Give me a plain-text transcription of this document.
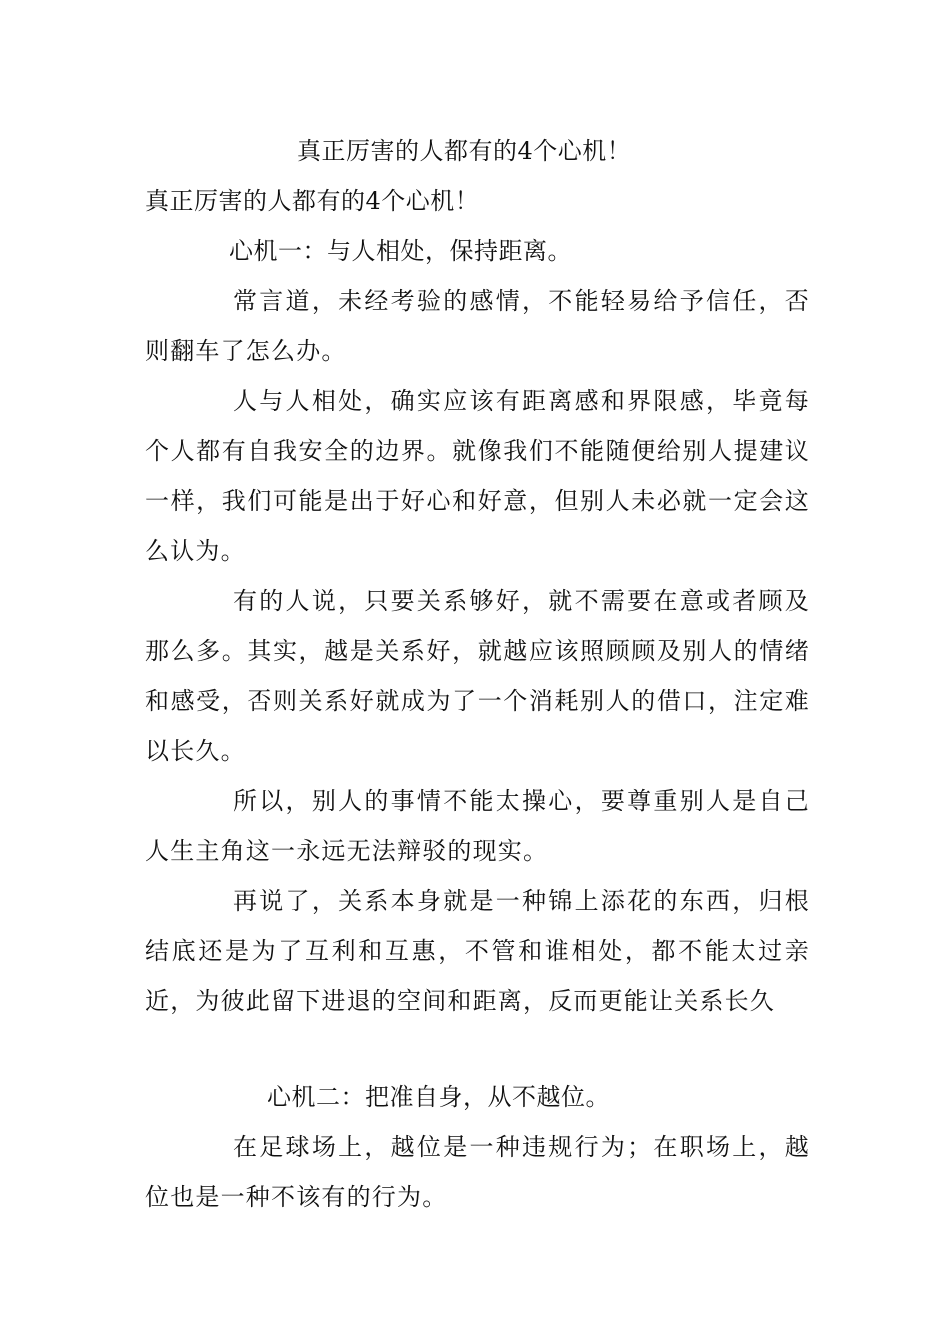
真正厉害的人都有的4个心机！
真正厉害的人都有的4个心机！
心机一：与人相处，保持距离。

常言道，未经考验的感情，不能轻易给予信任，否则翻车了怎么办。

人与人相处，确实应该有距离感和界限感，毕竟每个人都有自我安全的边界。就像我们不能随便给别人提建议一样，我们可能是出于好心和好意，但别人未必就一定会这么认为。

有的人说，只要关系够好，就不需要在意或者顾及那么多。其实，越是关系好，就越应该照顾顾及别人的情绪和感受，否则关系好就成为了一个消耗别人的借口，注定难以长久。

所以，别人的事情不能太操心，要尊重别人是自己人生主角这一永远无法辩驳的现实。

再说了，关系本身就是一种锦上添花的东西，归根结底还是为了互利和互惠，不管和谁相处，都不能太过亲近，为彼此留下进退的空间和距离，反而更能让关系长久

心机二：把准自身，从不越位。

在足球场上，越位是一种违规行为；在职场上，越位也是一种不该有的行为。
